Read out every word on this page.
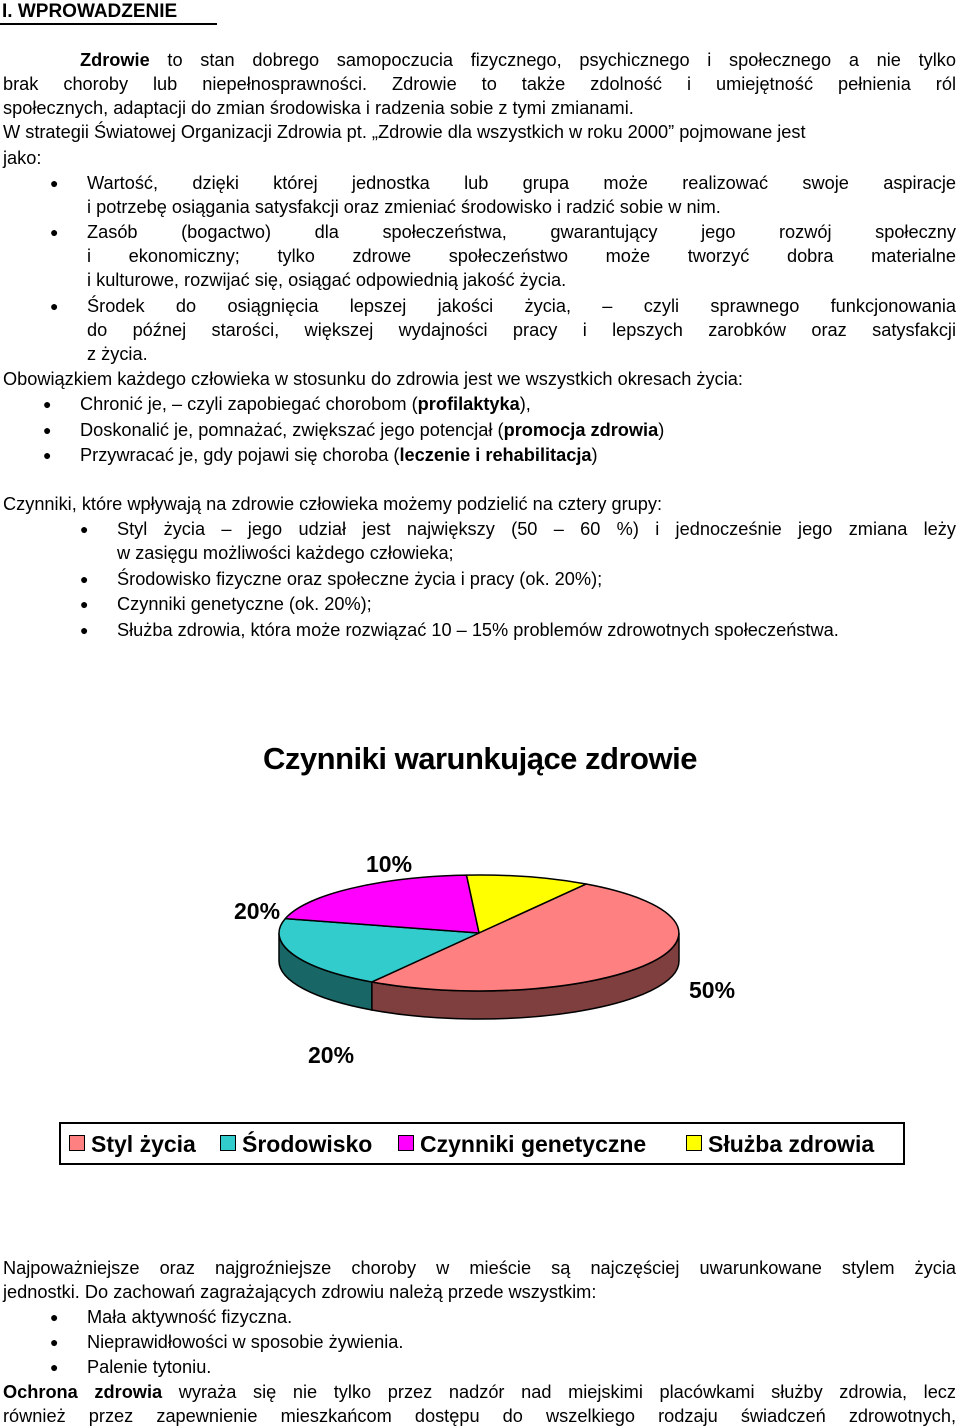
I. WPROWADZENIE
Zdrowie to stan dobrego samopoczucia fizycznego, psychicznego i społecznego a nie tylko
brak choroby lub niepełnosprawności. Zdrowie to także zdolność i umiejętność pełnienia ról
społecznych, adaptacji do zmian środowiska i radzenia sobie z tymi zmianami.
W strategii Światowej Organizacji Zdrowia pt. „Zdrowie dla wszystkich w roku 2000” pojmowane jest
jako:
● Wartość, dzięki której jednostka lub grupa może realizować swoje aspiracje
i potrzebę osiągania satysfakcji oraz zmieniać środowisko i radzić sobie w nim.
● Zasób (bogactwo) dla społeczeństwa, gwarantujący jego rozwój społeczny
i ekonomiczny; tylko zdrowe społeczeństwo może tworzyć dobra materialne
i kulturowe, rozwijać się, osiągać odpowiednią jakość życia.
● Środek do osiągnięcia lepszej jakości życia, – czyli sprawnego funkcjonowania
do późnej starości, większej wydajności pracy i lepszych zarobków oraz satysfakcji
z życia.
Obowiązkiem każdego człowieka w stosunku do zdrowia jest we wszystkich okresach życia:
● Chronić je, – czyli zapobiegać chorobom (profilaktyka),
● Doskonalić je, pomnażać, zwiększać jego potencjał (promocja zdrowia)
● Przywracać je, gdy pojawi się choroba (leczenie i rehabilitacja)
Czynniki, które wpływają na zdrowie człowieka możemy podzielić na cztery grupy:
● Styl życia – jego udział jest największy (50 – 60 %) i jednocześnie jego zmiana leży
w zasięgu możliwości każdego człowieka;
● Środowisko fizyczne oraz społeczne życia i pracy (ok. 20%);
● Czynniki genetyczne (ok. 20%);
● Służba zdrowia, która może rozwiązać 10 – 15% problemów zdrowotnych społeczeństwa.
Czynniki warunkujące zdrowie
10%
20%
50%
20%
Styl życia	Środowisko	Czynniki genetyczne	Służba zdrowia
Najpoważniejsze oraz najgroźniejsze choroby w mieście są najczęściej uwarunkowane stylem życia
jednostki. Do zachowań zagrażających zdrowiu należą przede wszystkim:
● Mała aktywność fizyczna.
● Nieprawidłowości w sposobie żywienia.
● Palenie tytoniu.
Ochrona zdrowia wyraża się nie tylko przez nadzór nad miejskimi placówkami służby zdrowia, lecz
również przez zapewnienie mieszkańcom dostępu do wszelkiego rodzaju świadczeń zdrowotnych,
